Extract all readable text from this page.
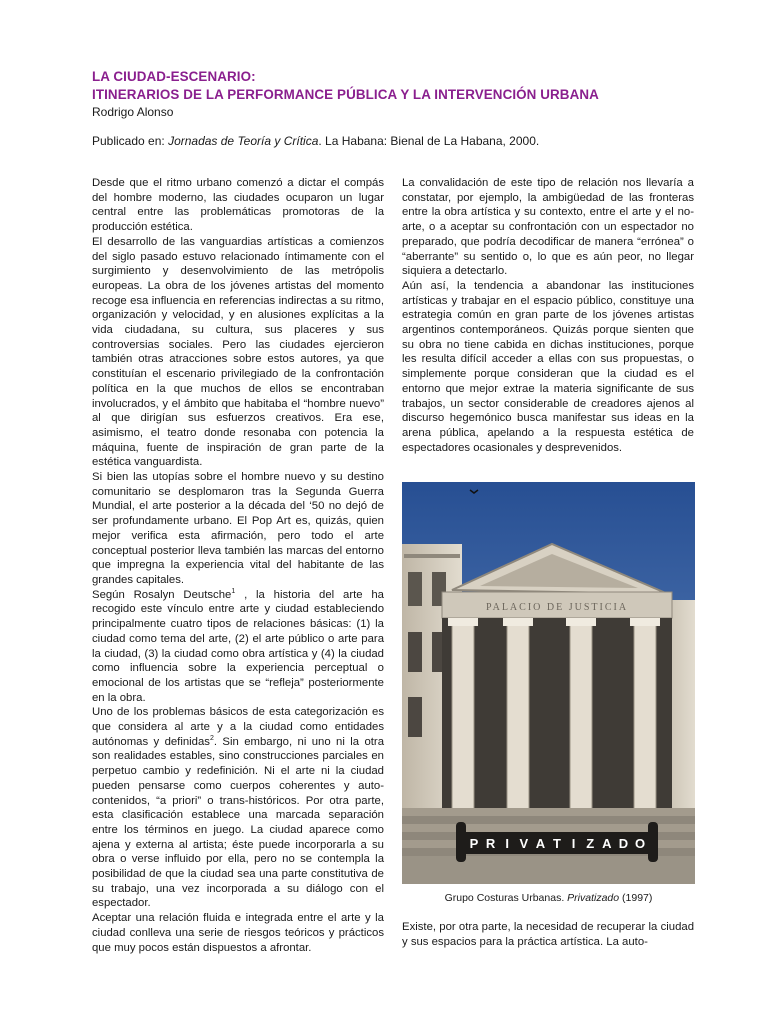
LA CIUDAD-ESCENARIO:
ITINERARIOS DE LA PERFORMANCE PÚBLICA Y LA INTERVENCIÓN URBANA
Rodrigo Alonso
Publicado en: Jornadas de Teoría y Crítica. La Habana: Bienal de La Habana, 2000.

Desde que el ritmo urbano comenzó a dictar el compás del hombre moderno, las ciudades ocuparon un lugar central entre las problemáticas promotoras de la producción estética.

El desarrollo de las vanguardias artísticas a comienzos del siglo pasado estuvo relacionado íntimamente con el surgimiento y desenvolvimiento de las metrópolis europeas. La obra de los jóvenes artistas del momento recoge esa influencia en referencias indirectas a su ritmo, organización y velocidad, y en alusiones explícitas a la vida ciudadana, su cultura, sus placeres y sus controversias sociales. Pero las ciudades ejercieron también otras atracciones sobre estos autores, ya que constituían el escenario privilegiado de la confrontación política en la que muchos de ellos se encontraban involucrados, y el ámbito que habitaba el “hombre nuevo” al que dirigían sus esfuerzos creativos. Era ese, asimismo, el teatro donde resonaba con potencia la máquina, fuente de inspiración de gran parte de la estética vanguardista.

Si bien las utopías sobre el hombre nuevo y su destino comunitario se desplomaron tras la Segunda Guerra Mundial, el arte posterior a la década del ‘50 no dejó de ser profundamente urbano. El Pop Art es, quizás, quien mejor verifica esta afirmación, pero todo el arte conceptual posterior lleva también las marcas del entorno que impregna la experiencia vital del habitante de las grandes capitales.

Según Rosalyn Deutsche$^1$ , la historia del arte ha recogido este vínculo entre arte y ciudad estableciendo principalmente cuatro tipos de relaciones básicas: (1) la ciudad como tema del arte, (2) el arte público o arte para la ciudad, (3) la ciudad como obra artística y (4) la ciudad como influencia sobre la experiencia perceptual o emocional de los artistas que se “refleja” posteriormente en la obra.

Uno de los problemas básicos de esta categorización es que considera al arte y a la ciudad como entidades autónomas y definidas$^2$. Sin embargo, ni uno ni la otra son realidades estables, sino construcciones parciales en perpetuo cambio y redefinición. Ni el arte ni la ciudad pueden pensarse como cuerpos coherentes y auto-contenidos, “a priori” o trans-históricos. Por otra parte, esta clasificación establece una marcada separación entre los términos en juego. La ciudad aparece como ajena y externa al artista; éste puede incorporarla a su obra o verse influido por ella, pero no se contempla la posibilidad de que la ciudad sea una parte constitutiva de su trabajo, una vez incorporada a su diálogo con el espectador.

Aceptar una relación fluida e integrada entre el arte y la ciudad conlleva una serie de riesgos teóricos y prácticos que muy pocos están dispuestos a afrontar.

La convalidación de este tipo de relación nos llevaría a constatar, por ejemplo, la ambigüedad de las fronteras entre la obra artística y su contexto, entre el arte y el no-arte, o a aceptar su confrontación con un espectador no preparado, que podría decodificar de manera “errónea” o “aberrante” su sentido o, lo que es aún peor, no llegar siquiera a detectarlo.

Aún así, la tendencia a abandonar las instituciones artísticas y trabajar en el espacio público, constituye una estrategia común en gran parte de los jóvenes artistas argentinos contemporáneos. Quizás porque sienten que su obra no tiene cabida en dichas instituciones, porque les resulta difícil acceder a ellas con sus propuestas, o simplemente porque consideran que la ciudad es el entorno que mejor extrae la materia significante de sus trabajos, un sector considerable de creadores ajenos al discurso hegemónico busca manifestar sus ideas en la arena pública, apelando a la respuesta estética de espectadores ocasionales y desprevenidos.

PALACIO DE JUSTICIA
P R I V A T I Z A D O
Grupo Costuras Urbanas. Privatizado (1997)

Existe, por otra parte, la necesidad de recuperar la ciudad y sus espacios para la práctica artística. La auto-
